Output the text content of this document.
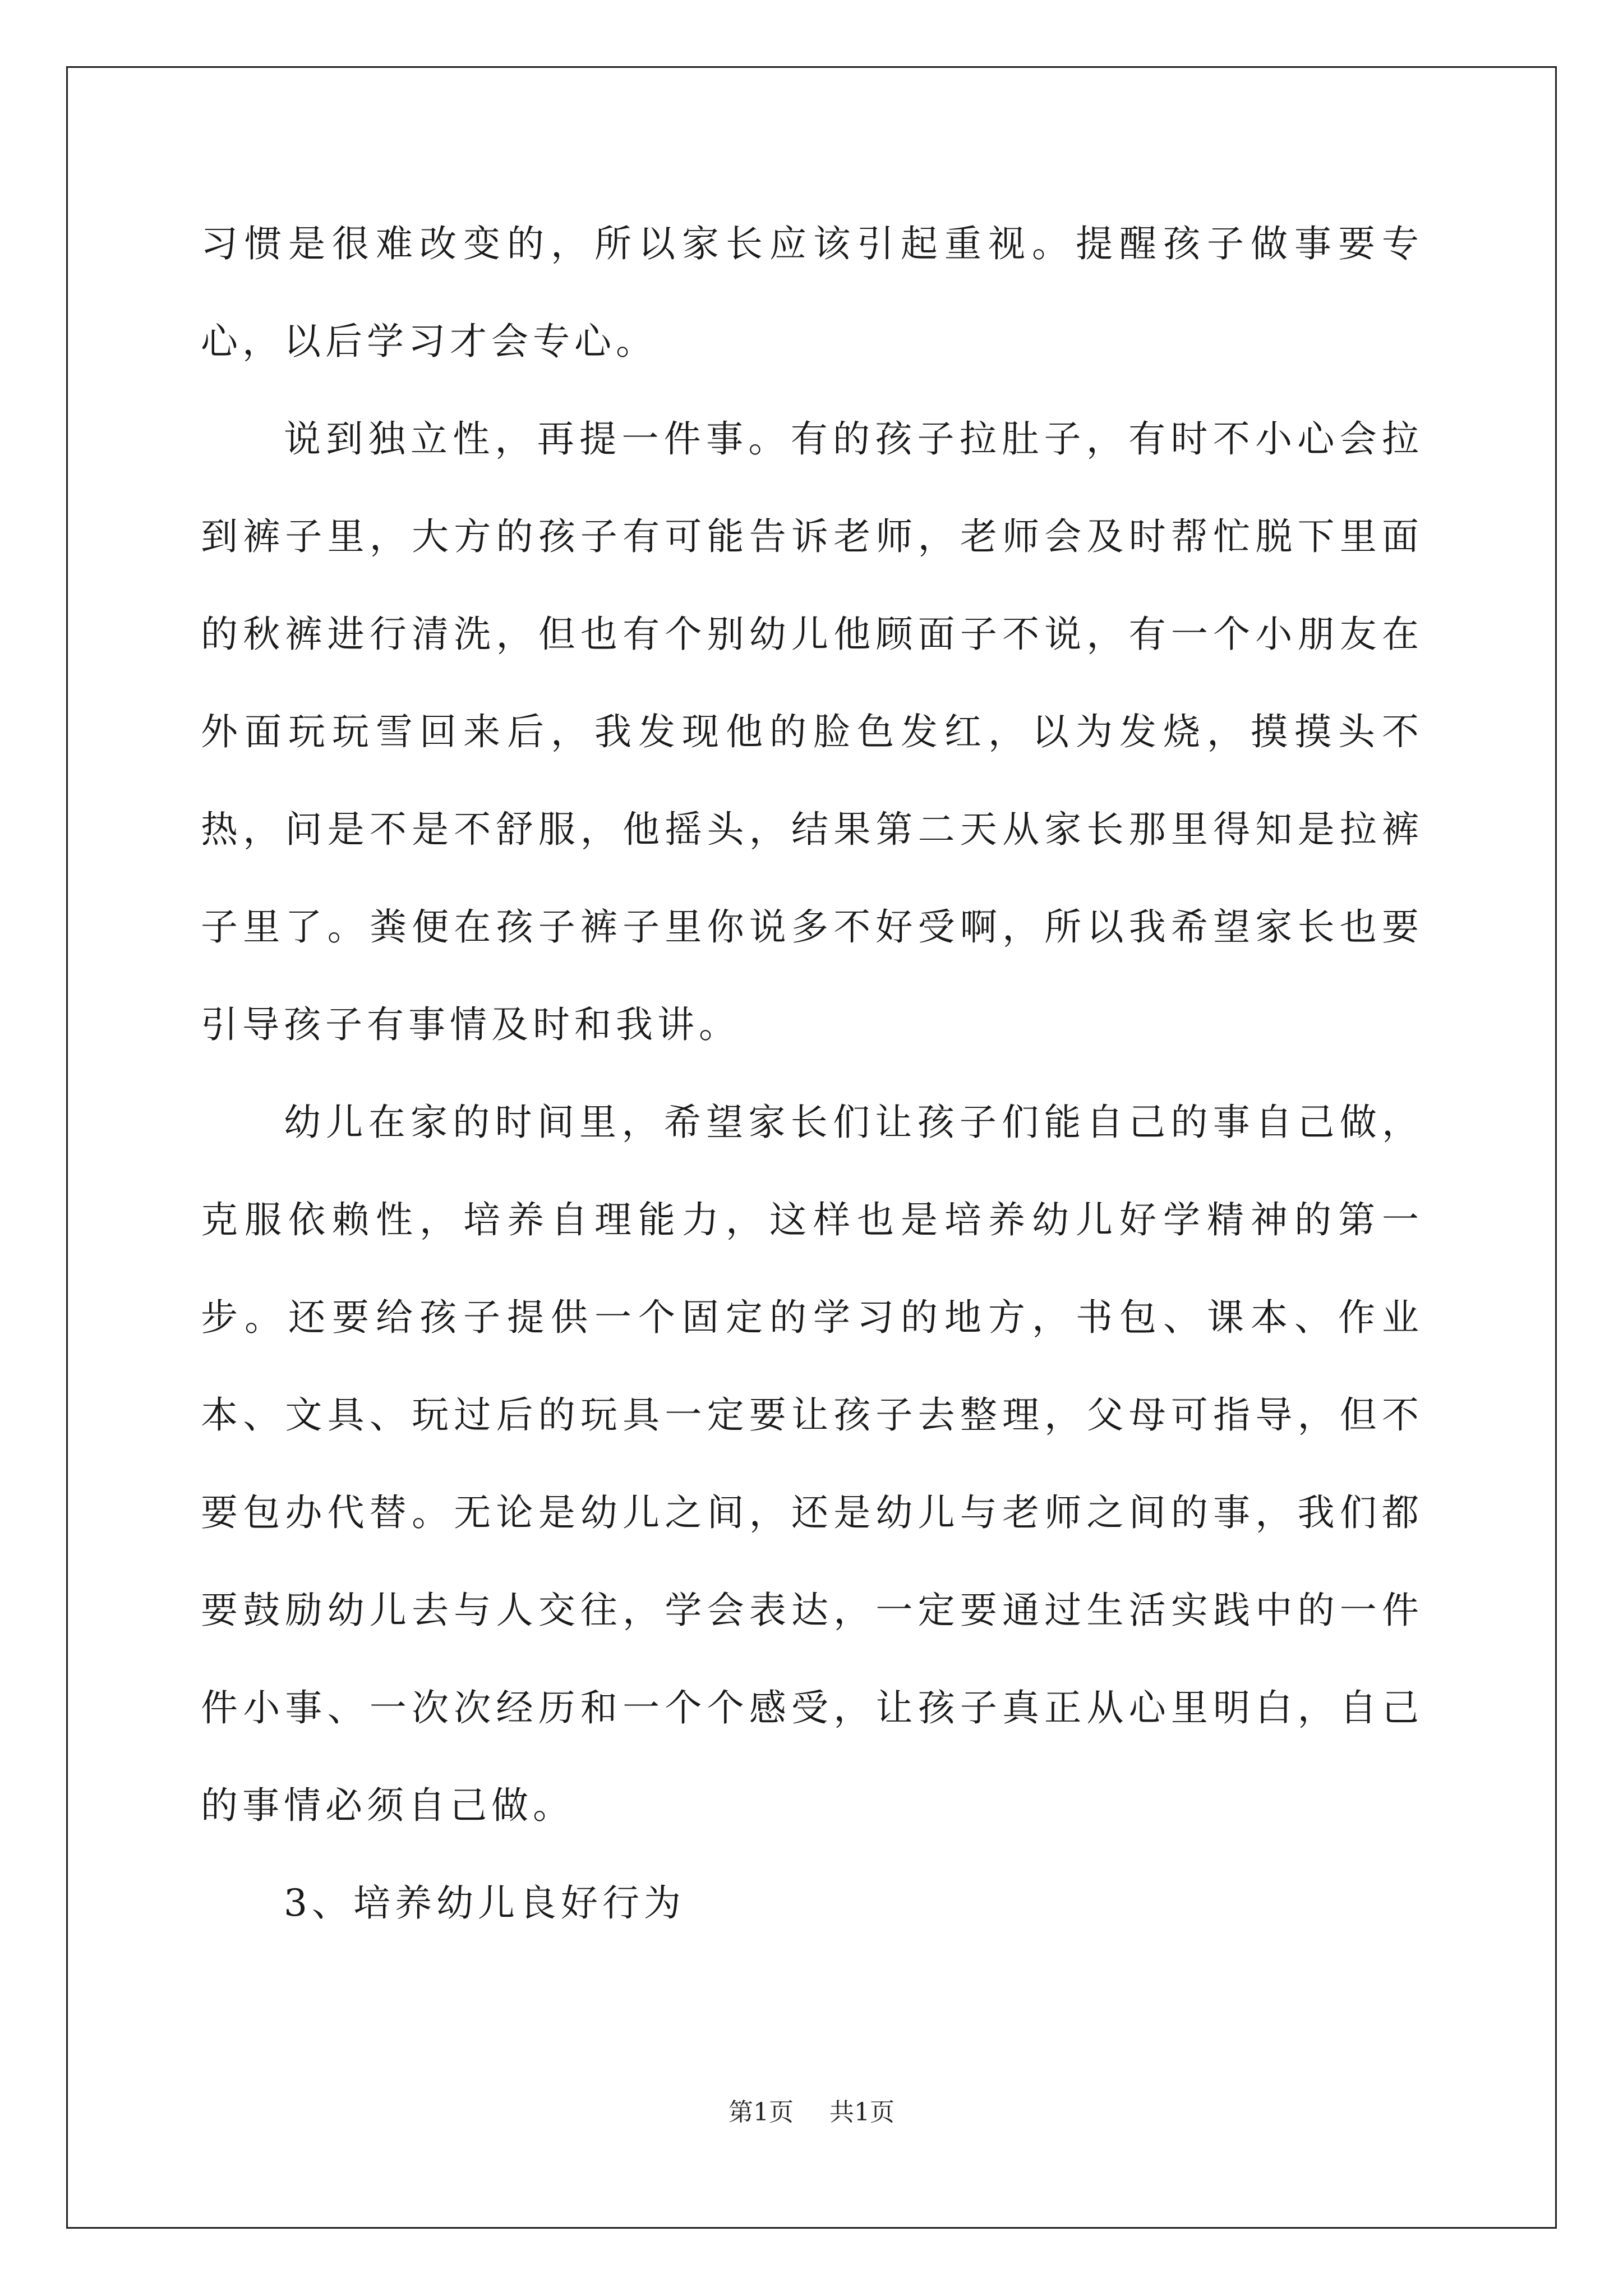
习惯是很难改变的，所以家长应该引起重视。提醒孩子做事要专心，以后学习才会专心。

说到独立性，再提一件事。有的孩子拉肚子，有时不小心会拉到裤子里，大方的孩子有可能告诉老师，老师会及时帮忙脱下里面的秋裤进行清洗，但也有个别幼儿他顾面子不说，有一个小朋友在外面玩玩雪回来后，我发现他的脸色发红，以为发烧，摸摸头不热，问是不是不舒服，他摇头，结果第二天从家长那里得知是拉裤子里了。粪便在孩子裤子里你说多不好受啊，所以我希望家长也要引导孩子有事情及时和我讲。

幼儿在家的时间里，希望家长们让孩子们能自己的事自己做，克服依赖性，培养自理能力，这样也是培养幼儿好学精神的第一步。还要给孩子提供一个固定的学习的地方，书包、课本、作业本、文具、玩过后的玩具一定要让孩子去整理，父母可指导，但不要包办代替。无论是幼儿之间，还是幼儿与老师之间的事，我们都要鼓励幼儿去与人交往，学会表达，一定要通过生活实践中的一件件小事、一次次经历和一个个感受，让孩子真正从心里明白，自己的事情必须自己做。

3、培养幼儿良好行为

第1页 共1页
